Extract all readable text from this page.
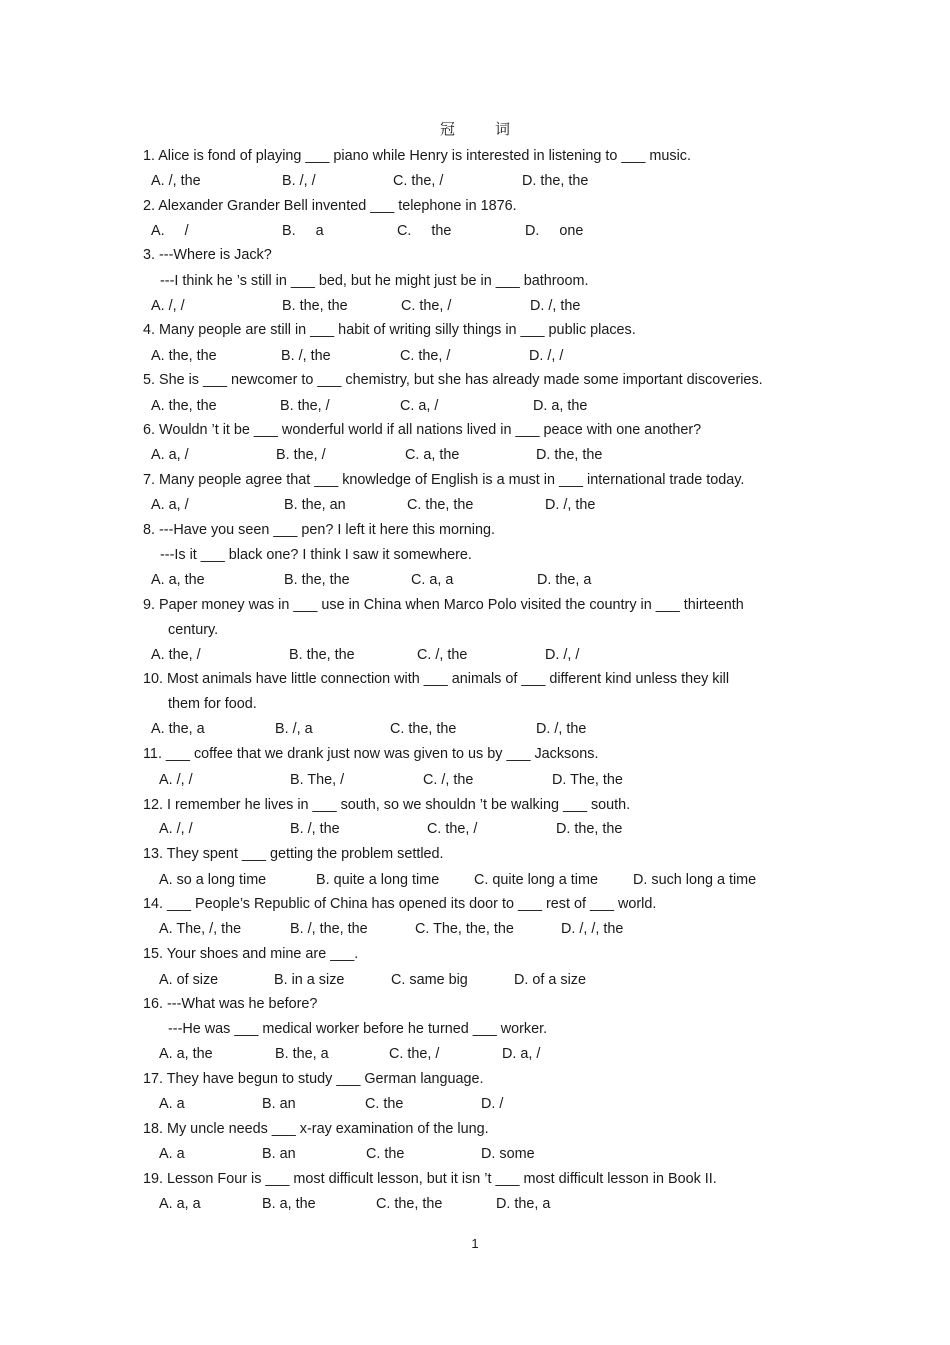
冠	词
1. Alice is fond of playing ___ piano while Henry is interested in listening to ___ music.
A. /, the	B. /, /	C. the, /	D. the, the
2. Alexander Grander Bell invented ___ telephone in 1876.
A.     /	B.     a	C.     the	D.     one
3. ---Where is Jack?
---I think he ’s still in ___ bed, but he might just be in ___ bathroom.
A. /, /	B. the, the	C. the, /	D. /, the
4. Many people are still in ___ habit of writing silly things in ___ public places.
A. the, the	B. /, the	C. the, /	D. /, /
5. She is ___ newcomer to ___ chemistry, but she has already made some important discoveries.
A. the, the	B. the, /	C. a, /	D. a, the
6. Wouldn ’t it be ___ wonderful world if all nations lived in ___ peace with one another?
A. a, /	B. the, /	C. a, the	D. the, the
7. Many people agree that ___ knowledge of English is a must in ___ international trade today.
A. a, /	B. the, an	C. the, the	D. /, the
8. ---Have you seen ___ pen? I left it here this morning.
---Is it ___ black one? I think I saw it somewhere.
A. a, the	B. the, the	C. a, a	D. the, a
9. Paper money was in ___ use in China when Marco Polo visited the country in ___ thirteenth
century.
A. the, /	B. the, the	C. /, the	D. /, /
10. Most animals have little connection with ___ animals of ___ different kind unless they kill
them for food.
A. the, a	B. /, a	C. the, the	D. /, the
11. ___ coffee that we drank just now was given to us by ___ Jacksons.
A. /, /	B. The, /	C. /, the	D. The, the
12. I remember he lives in ___ south, so we shouldn ’t be walking ___ south.
A. /, /	B. /, the	C. the, /	D. the, the
13. They spent ___ getting the problem settled.
A. so a long time	B. quite a long time C. quite long a time D. such long a time
14. ___ People’s Republic of China has opened its door to ___ rest of ___ world.
A. The, /, the	B. /, the, the	C. The, the, the	D. /, /, the
15. Your shoes and mine are ___.
A. of size	B. in a size	C. same big	D. of a size
16. ---What was he before?
---He was ___ medical worker before he turned ___ worker.
A. a, the	B. the, a	C. the, /	D. a, /
17. They have begun to study ___ German language.
A. a	B. an	C. the	D. /
18. My uncle needs ___ x-ray examination of the lung.
A. a	B. an	C. the	D. some
19. Lesson Four is ___ most difficult lesson, but it isn ’t ___ most difficult lesson in Book II.
A. a, a	B. a, the	C. the, the	D. the, a
1
